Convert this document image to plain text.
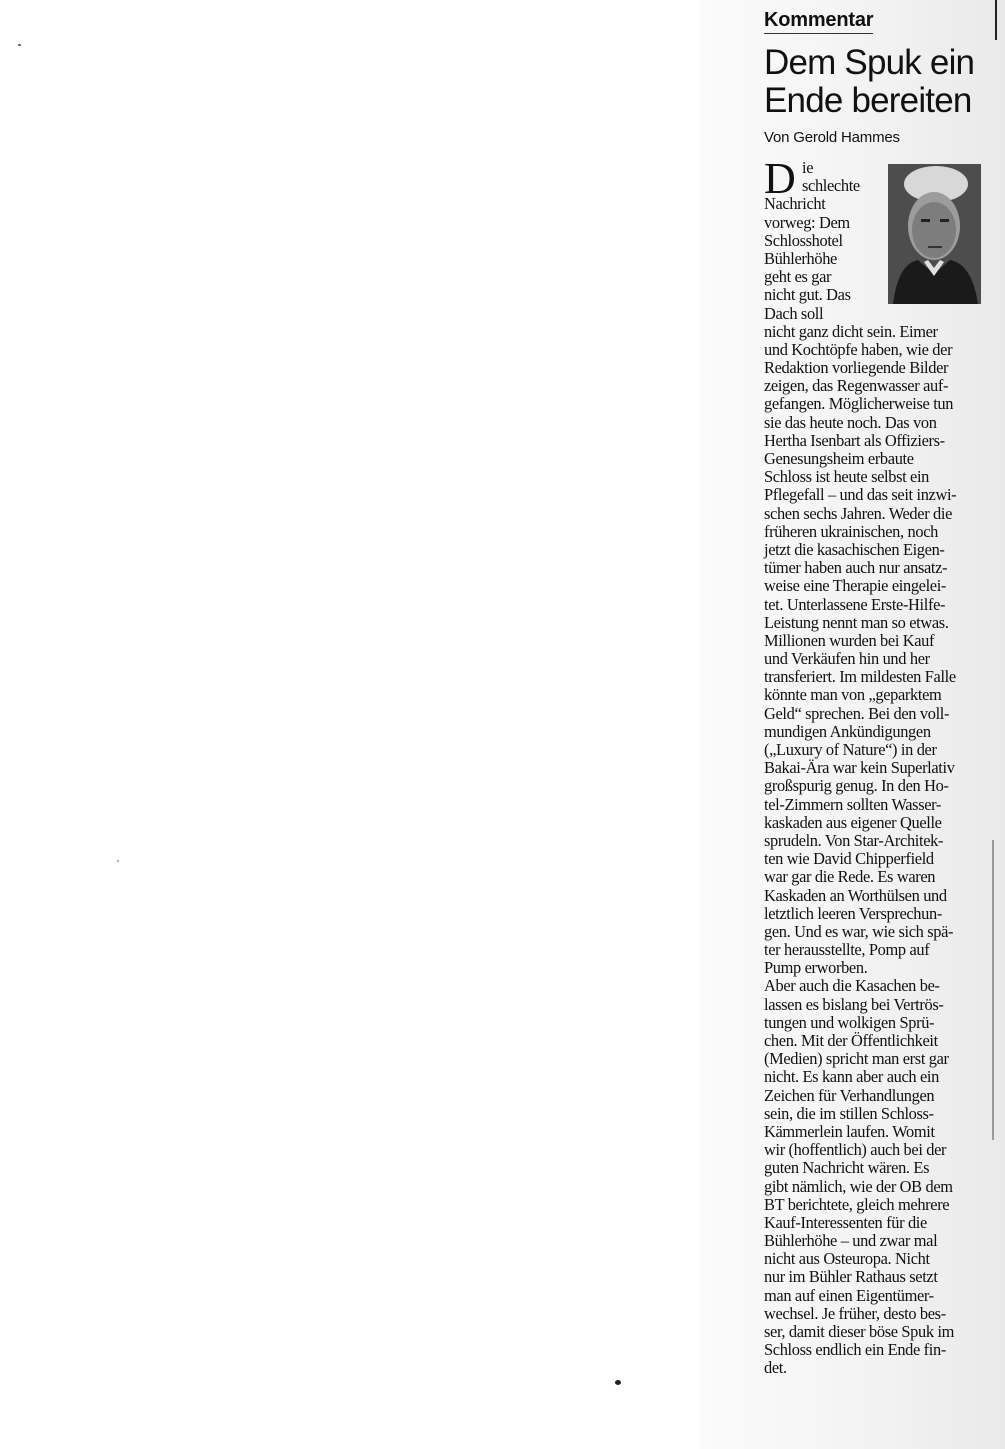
Kommentar
Dem Spuk ein
Ende bereiten
Von Gerold Hammes
D ie
schlechte
Nachricht
vorweg: Dem
Schlosshotel
Bühlerhöhe
geht es gar
nicht gut. Das
Dach soll
nicht ganz dicht sein. Eimer
und Kochtöpfe haben, wie der
Redaktion vorliegende Bilder
zeigen, das Regenwasser auf-
gefangen. Möglicherweise tun
sie das heute noch. Das von
Hertha Isenbart als Offiziers-
Genesungsheim erbaute
Schloss ist heute selbst ein
Pflegefall – und das seit inzwi-
schen sechs Jahren. Weder die
früheren ukrainischen, noch
jetzt die kasachischen Eigen-
tümer haben auch nur ansatz-
weise eine Therapie eingelei-
tet. Unterlassene Erste-Hilfe-
Leistung nennt man so etwas.
Millionen wurden bei Kauf
und Verkäufen hin und her
transferiert. Im mildesten Falle
könnte man von „geparktem
Geld“ sprechen. Bei den voll-
mundigen Ankündigungen
(„Luxury of Nature“) in der
Bakai-Ära war kein Superlativ
großspurig genug. In den Ho-
tel-Zimmern sollten Wasser-
kaskaden aus eigener Quelle
sprudeln. Von Star-Architek-
ten wie David Chipperfield
war gar die Rede. Es waren
Kaskaden an Worthülsen und
letztlich leeren Versprechun-
gen. Und es war, wie sich spä-
ter herausstellte, Pomp auf
Pump erworben.
Aber auch die Kasachen be-
lassen es bislang bei Vertrös-
tungen und wolkigen Sprü-
chen. Mit der Öffentlichkeit
(Medien) spricht man erst gar
nicht. Es kann aber auch ein
Zeichen für Verhandlungen
sein, die im stillen Schloss-
Kämmerlein laufen. Womit
wir (hoffentlich) auch bei der
guten Nachricht wären. Es
gibt nämlich, wie der OB dem
BT berichtete, gleich mehrere
Kauf-Interessenten für die
Bühlerhöhe – und zwar mal
nicht aus Osteuropa. Nicht
nur im Bühler Rathaus setzt
man auf einen Eigentümer-
wechsel. Je früher, desto bes-
ser, damit dieser böse Spuk im
Schloss endlich ein Ende fin-
det.
